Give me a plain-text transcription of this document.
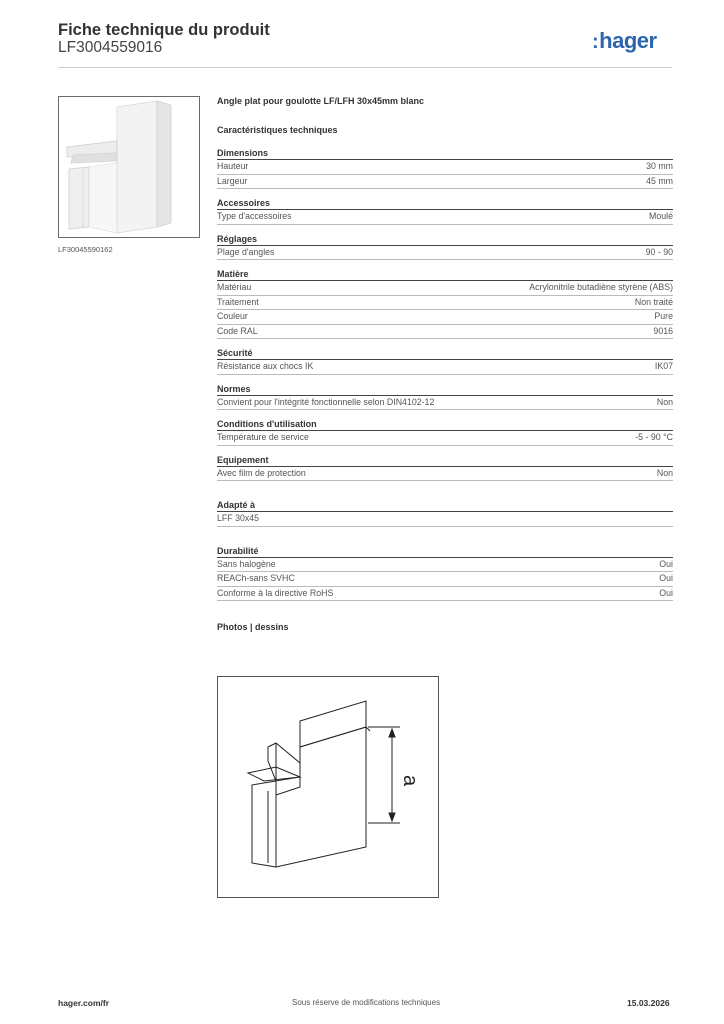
Fiche technique du produit
LF3004559016	:hager
LF30045590162
Angle plat pour goulotte LF/LFH 30x45mm blanc
Caractéristiques techniques
Dimensions
Hauteur	30 mm
Largeur	45 mm
Accessoires
Type d'accessoires	Moulé
Réglages
Plage d'angles	90 - 90
Matière
Matériau	Acrylonitrile butadiène styrène (ABS)
Traitement	Non traité
Couleur	Pure
Code RAL	9016
Sécurité
Résistance aux chocs IK	IK07
Normes
Convient pour l'intégrité fonctionnelle selon DIN4102-12	Non
Conditions d'utilisation
Température de service	-5 - 90 °C
Equipement
Avec film de protection	Non
Adapté à
LFF 30x45
Durabilité
Sans halogène	Oui
REACh-sans SVHC	Oui
Conforme à la directive RoHS	Oui
Photos | dessins
a
hager.com/fr	Sous réserve de modifications techniques	15.03.2026
